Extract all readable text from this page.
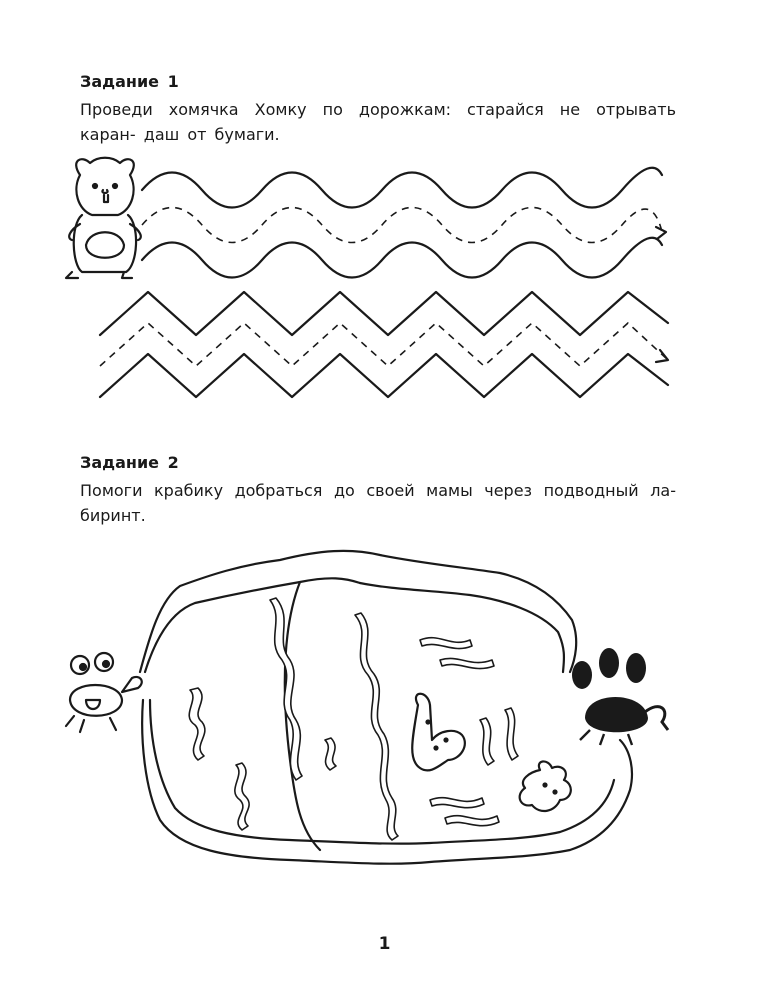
Задание 1
Проведи хомячка Хомку по дорожкам: старайся не отрывать каран- даш от бумаги.
Задание 2
Помоги крабику добраться до своей мамы через подводный ла- биринт.
1
